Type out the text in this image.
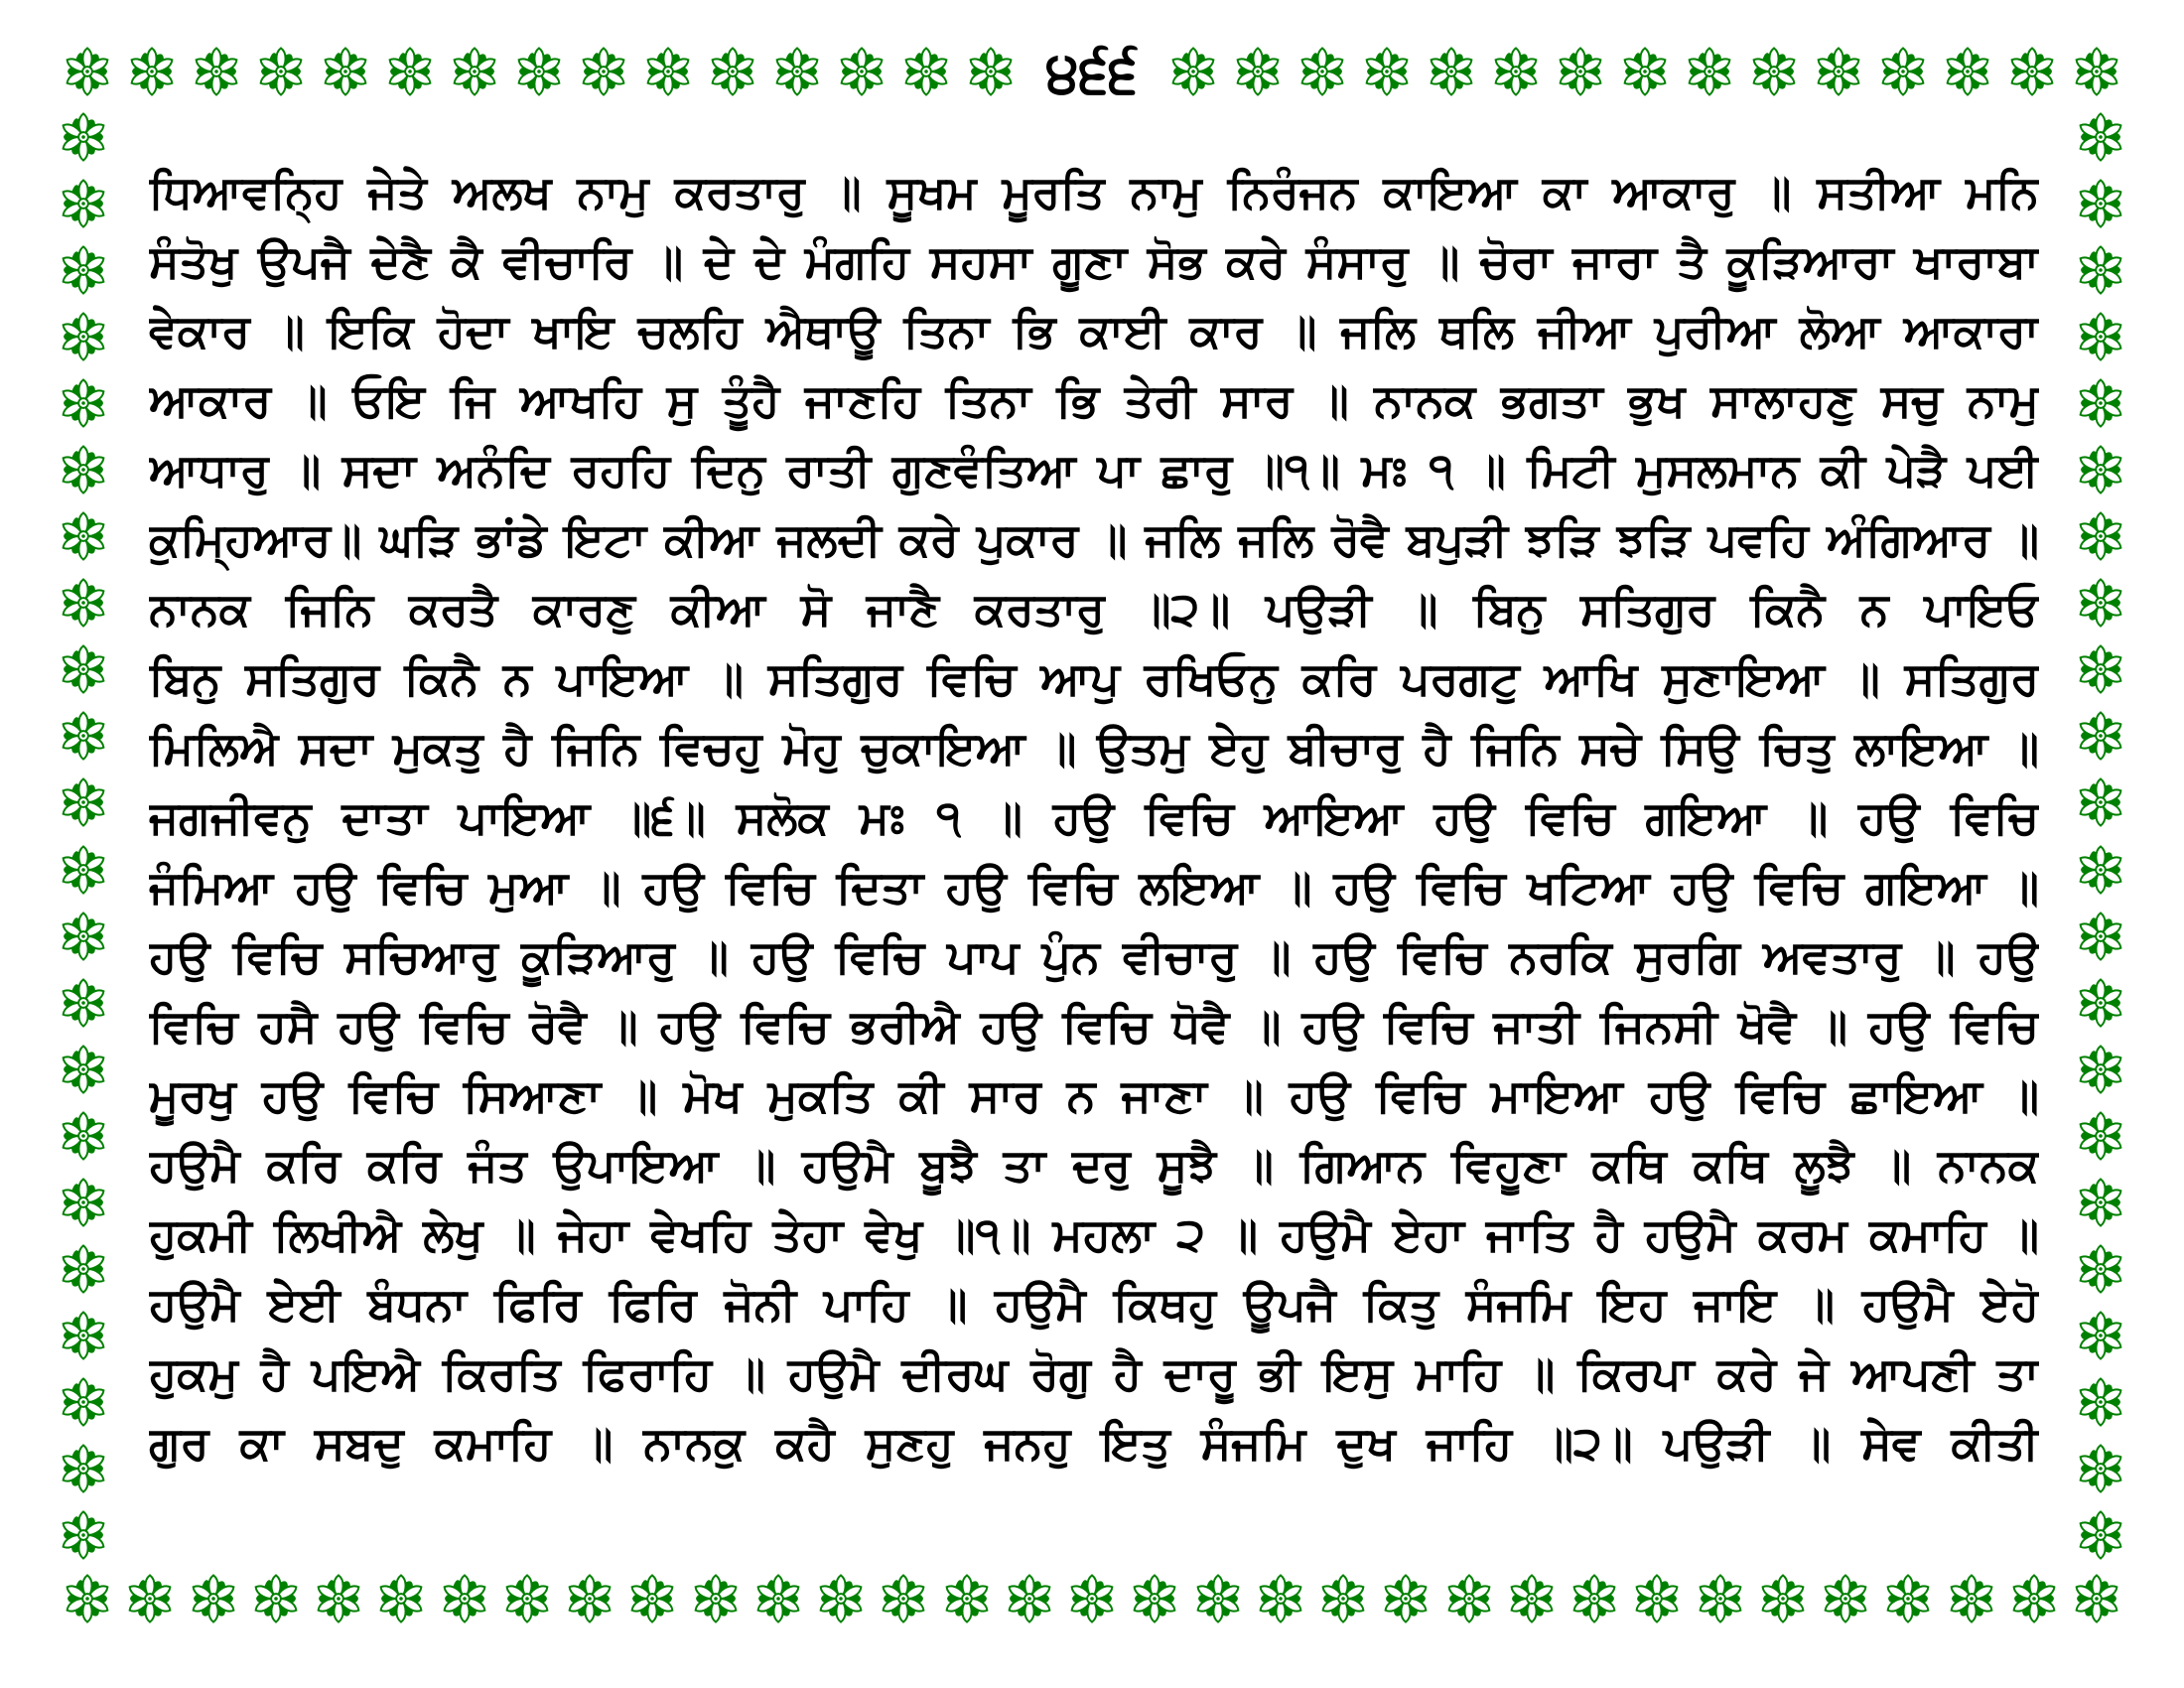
੪੬੬
ਧਿਆਵਨ੍ਹਿ ਜੇਤੇ ਅਲਖ ਨਾਮੁ ਕਰਤਾਰੁ ॥ ਸੂਖਮ ਮੂਰਤਿ ਨਾਮੁ ਨਿਰੰਜਨ ਕਾਇਆ ਕਾ ਆਕਾਰੁ ॥ ਸਤੀਆ ਮਨਿ
ਸੰਤੋਖੁ ਉਪਜੈ ਦੇਣੈ ਕੈ ਵੀਚਾਰਿ ॥ ਦੇ ਦੇ ਮੰਗਹਿ ਸਹਸਾ ਗੂਣਾ ਸੋਭ ਕਰੇ ਸੰਸਾਰੁ ॥ ਚੋਰਾ ਜਾਰਾ ਤੈ ਕੂੜਿਆਰਾ ਖਾਰਾਬਾ
ਵੇਕਾਰ ॥ ਇਕਿ ਹੋਦਾ ਖਾਇ ਚਲਹਿ ਐਥਾਊ ਤਿਨਾ ਭਿ ਕਾਈ ਕਾਰ ॥ ਜਲਿ ਥਲਿ ਜੀਆ ਪੁਰੀਆ ਲੋਆ ਆਕਾਰਾ
ਆਕਾਰ ॥ ਓਇ ਜਿ ਆਖਹਿ ਸੁ ਤੂੰਹੈ ਜਾਣਹਿ ਤਿਨਾ ਭਿ ਤੇਰੀ ਸਾਰ ॥ ਨਾਨਕ ਭਗਤਾ ਭੁਖ ਸਾਲਾਹਣੁ ਸਚੁ ਨਾਮੁ
ਆਧਾਰੁ ॥ ਸਦਾ ਅਨੰਦਿ ਰਹਹਿ ਦਿਨੁ ਰਾਤੀ ਗੁਣਵੰਤਿਆ ਪਾ ਛਾਰੁ ॥੧॥ ਮਃ ੧ ॥ ਮਿਟੀ ਮੁਸਲਮਾਨ ਕੀ ਪੇੜੈ ਪਈ
ਕੁਮ੍ਹਿਆਰ॥ ਘੜਿ ਭਾਂਡੇ ਇਟਾ ਕੀਆ ਜਲਦੀ ਕਰੇ ਪੁਕਾਰ ॥ ਜਲਿ ਜਲਿ ਰੋਵੈ ਬਪੁੜੀ ਝੜਿ ਝੜਿ ਪਵਹਿ ਅੰਗਿਆਰ ॥
ਨਾਨਕ ਜਿਨਿ ਕਰਤੈ ਕਾਰਣੁ ਕੀਆ ਸੋ ਜਾਣੈ ਕਰਤਾਰੁ ॥੨॥ ਪਉੜੀ ॥ ਬਿਨੁ ਸਤਿਗੁਰ ਕਿਨੈ ਨ ਪਾਇਓ
ਬਿਨੁ ਸਤਿਗੁਰ ਕਿਨੈ ਨ ਪਾਇਆ ॥ ਸਤਿਗੁਰ ਵਿਚਿ ਆਪੁ ਰਖਿਓਨੁ ਕਰਿ ਪਰਗਟੁ ਆਖਿ ਸੁਣਾਇਆ ॥ ਸਤਿਗੁਰ
ਮਿਲਿਐ ਸਦਾ ਮੁਕਤੁ ਹੈ ਜਿਨਿ ਵਿਚਹੁ ਮੋਹੁ ਚੁਕਾਇਆ ॥ ਉਤਮੁ ਏਹੁ ਬੀਚਾਰੁ ਹੈ ਜਿਨਿ ਸਚੇ ਸਿਉ ਚਿਤੁ ਲਾਇਆ ॥
ਜਗਜੀਵਨੁ ਦਾਤਾ ਪਾਇਆ ॥੬॥ ਸਲੋਕ ਮਃ ੧ ॥ ਹਉ ਵਿਚਿ ਆਇਆ ਹਉ ਵਿਚਿ ਗਇਆ ॥ ਹਉ ਵਿਚਿ
ਜੰਮਿਆ ਹਉ ਵਿਚਿ ਮੁਆ ॥ ਹਉ ਵਿਚਿ ਦਿਤਾ ਹਉ ਵਿਚਿ ਲਇਆ ॥ ਹਉ ਵਿਚਿ ਖਟਿਆ ਹਉ ਵਿਚਿ ਗਇਆ ॥
ਹਉ ਵਿਚਿ ਸਚਿਆਰੁ ਕੂੜਿਆਰੁ ॥ ਹਉ ਵਿਚਿ ਪਾਪ ਪੁੰਨ ਵੀਚਾਰੁ ॥ ਹਉ ਵਿਚਿ ਨਰਕਿ ਸੁਰਗਿ ਅਵਤਾਰੁ ॥ ਹਉ
ਵਿਚਿ ਹਸੈ ਹਉ ਵਿਚਿ ਰੋਵੈ ॥ ਹਉ ਵਿਚਿ ਭਰੀਐ ਹਉ ਵਿਚਿ ਧੋਵੈ ॥ ਹਉ ਵਿਚਿ ਜਾਤੀ ਜਿਨਸੀ ਖੋਵੈ ॥ ਹਉ ਵਿਚਿ
ਮੂਰਖੁ ਹਉ ਵਿਚਿ ਸਿਆਣਾ ॥ ਮੋਖ ਮੁਕਤਿ ਕੀ ਸਾਰ ਨ ਜਾਣਾ ॥ ਹਉ ਵਿਚਿ ਮਾਇਆ ਹਉ ਵਿਚਿ ਛਾਇਆ ॥
ਹਉਮੈ ਕਰਿ ਕਰਿ ਜੰਤ ਉਪਾਇਆ ॥ ਹਉਮੈ ਬੂਝੈ ਤਾ ਦਰੁ ਸੂਝੈ ॥ ਗਿਆਨ ਵਿਹੂਣਾ ਕਥਿ ਕਥਿ ਲੂਝੈ ॥ ਨਾਨਕ
ਹੁਕਮੀ ਲਿਖੀਐ ਲੇਖੁ ॥ ਜੇਹਾ ਵੇਖਹਿ ਤੇਹਾ ਵੇਖੁ ॥੧॥ ਮਹਲਾ ੨ ॥ ਹਉਮੈ ਏਹਾ ਜਾਤਿ ਹੈ ਹਉਮੈ ਕਰਮ ਕਮਾਹਿ ॥
ਹਉਮੈ ਏਈ ਬੰਧਨਾ ਫਿਰਿ ਫਿਰਿ ਜੋਨੀ ਪਾਹਿ ॥ ਹਉਮੈ ਕਿਥਹੁ ਊਪਜੈ ਕਿਤੁ ਸੰਜਮਿ ਇਹ ਜਾਇ ॥ ਹਉਮੈ ਏਹੋ
ਹੁਕਮੁ ਹੈ ਪਇਐ ਕਿਰਤਿ ਫਿਰਾਹਿ ॥ ਹਉਮੈ ਦੀਰਘ ਰੋਗੁ ਹੈ ਦਾਰੂ ਭੀ ਇਸੁ ਮਾਹਿ ॥ ਕਿਰਪਾ ਕਰੇ ਜੇ ਆਪਣੀ ਤਾ
ਗੁਰ ਕਾ ਸਬਦੁ ਕਮਾਹਿ ॥ ਨਾਨਕੁ ਕਹੈ ਸੁਣਹੁ ਜਨਹੁ ਇਤੁ ਸੰਜਮਿ ਦੁਖ ਜਾਹਿ ॥੨॥ ਪਉੜੀ ॥ ਸੇਵ ਕੀਤੀ
